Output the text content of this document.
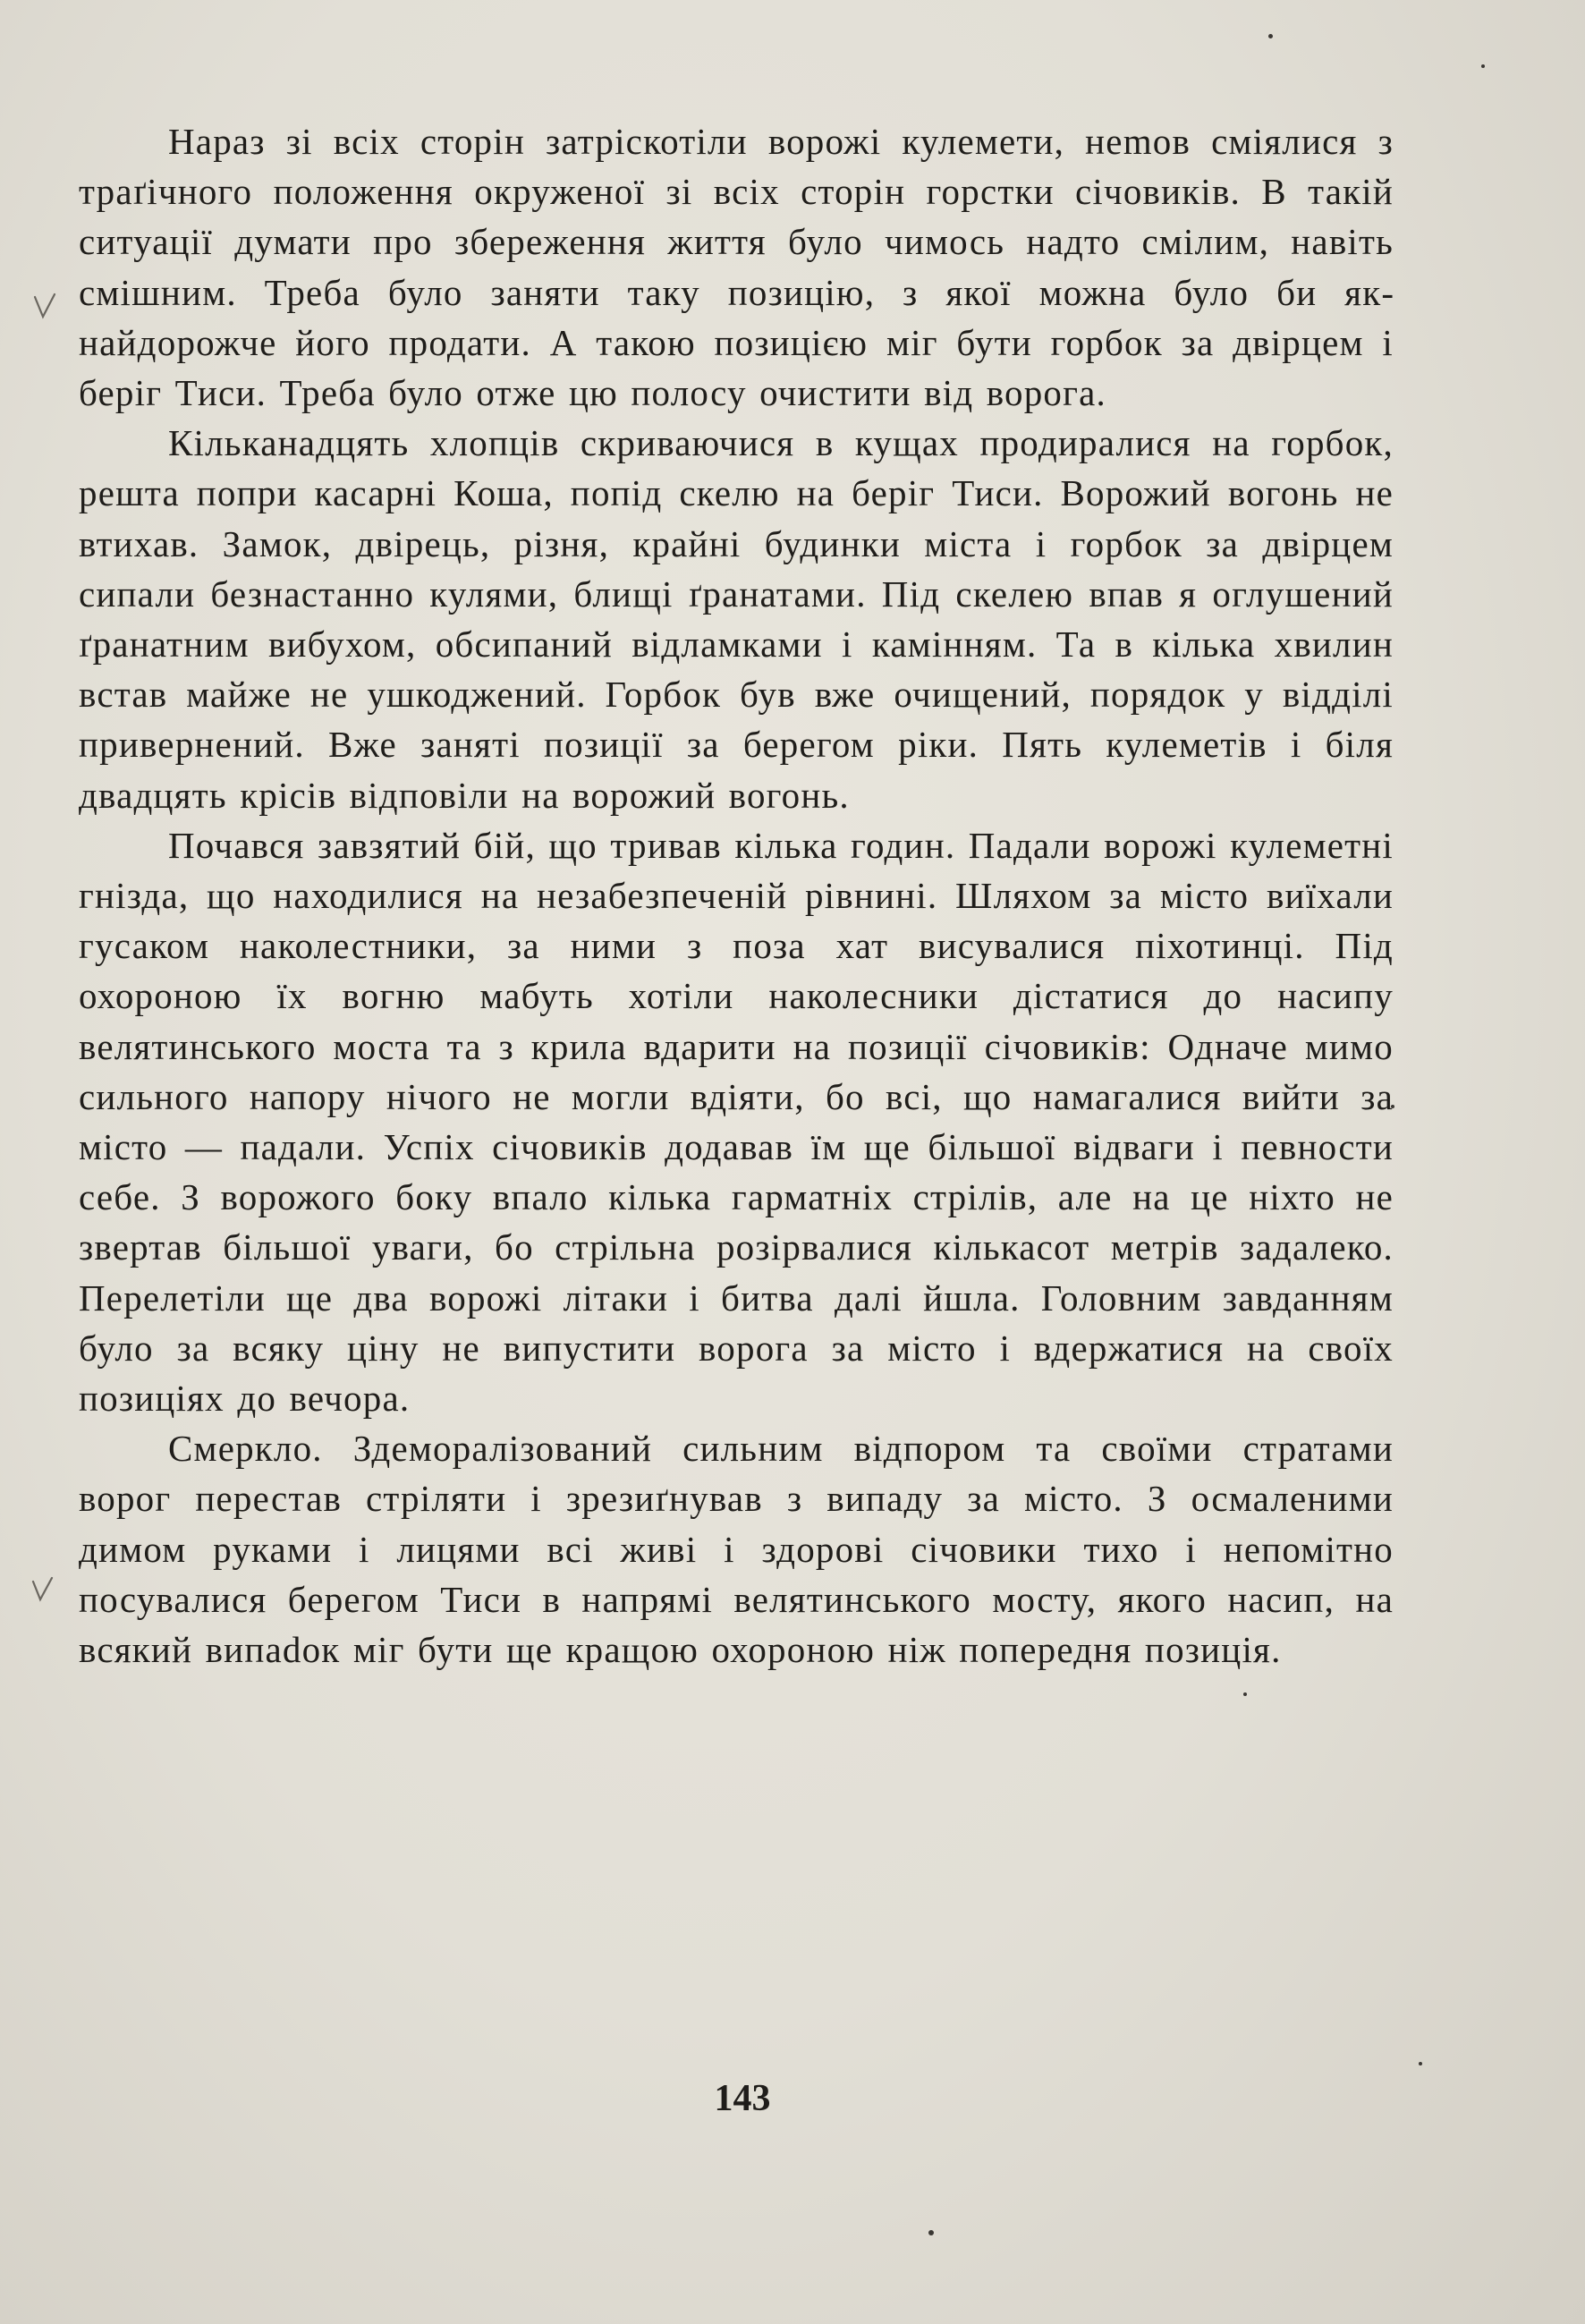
Нараз зі всіх сторін затріскотіли ворожі кулемети, неmов сміялися з траґічного положення окруженої зі всіх сторін горстки січовиків. В такій ситуації думати про збереження життя було чимось надто смілим, навіть смішним. Треба було заняти таку позицію, з якої можна було би якнайдорожче його продати. А такою позицією міг бути горбок за двірцем і беріг Тиси. Треба було отже цю полосу очистити від ворога.

Кільканадцять хлопців скриваючися в кущах продиралися на горбок, решта попри касарні Коша, попід скелю на беріг Тиси. Ворожий вогонь не втихав. Замок, двірець, різня, крайні будинки міста і горбок за двірцем сипали безнастанно кулями, блищі ґранатами. Під скелею впав я оглушений ґранатним вибухом, обсипаний відламками і камінням. Та в кілька хвилин встав майже не ушкоджений. Горбок був вже очищений, порядок у відділі привернений. Вже заняті позиції за берегом ріки. Пять кулеметів і біля двадцять крісів відповіли на ворожий вогонь.

Почався завзятий бій, що тривав кілька годин. Падали ворожі кулеметні гнізда, що находилися на незабезпеченій рівнині. Шляхом за місто виїхали гусаком наколестники, за ними з поза хат висувалися піхотинці. Під охороною їх вогню мабуть хотіли наколесники дістатися до насипу велятинського моста та з крила вдарити на позиції січовиків: Одначе мимо сильного напору нічого не могли вдіяти, бо всі, що намагалися вийти за місто — падали. Успіх січовиків додавав їм ще більшої відваги і певности себе. З ворожого боку впало кілька гарматніх стрілів, але на це ніхто не звертав більшої уваги, бо стрільна розірвалися кількасот метрів задалеко. Перелетіли ще два ворожі літаки і битва далі йшла. Головним завданням було за всяку ціну не випустити ворога за місто і вдержатися на своїх позиціях до вечора.

Смеркло. Здеморалізований сильним відпором та своїми стратами ворог перестав стріляти і зрезиґнував з випаду за місто. З осмаленими димом руками і лицями всі живі і здорові січовики тихо і непомітно посувалися берегом Тиси в напрямі велятинського мосту, якого насип, на всякий випаdок міг бути ще кращою охороною ніж попередня позиція.

143
